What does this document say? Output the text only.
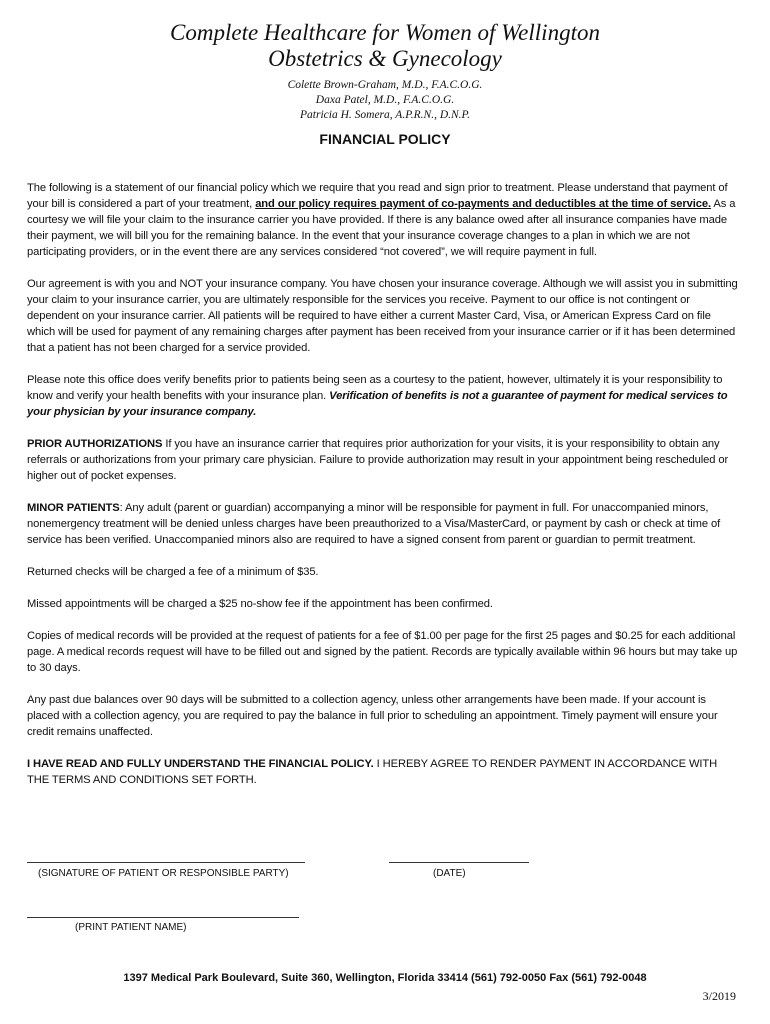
Complete Healthcare for Women of Wellington
Obstetrics & Gynecology
Colette Brown-Graham, M.D., F.A.C.O.G.
Daxa Patel, M.D., F.A.C.O.G.
Patricia H. Somera, A.P.R.N., D.N.P.
FINANCIAL POLICY

The following is a statement of our financial policy which we require that you read and sign prior to treatment. Please understand that payment of your bill is considered a part of your treatment, and our policy requires payment of co-payments and deductibles at the time of service. As a courtesy we will file your claim to the insurance carrier you have provided. If there is any balance owed after all insurance companies have made their payment, we will bill you for the remaining balance. In the event that your insurance coverage changes to a plan in which we are not participating providers, or in the event there are any services considered “not covered”, we will require payment in full.

Our agreement is with you and NOT your insurance company. You have chosen your insurance coverage. Although we will assist you in submitting your claim to your insurance carrier, you are ultimately responsible for the services you receive. Payment to our office is not contingent or dependent on your insurance carrier. All patients will be required to have either a current Master Card, Visa, or American Express Card on file which will be used for payment of any remaining charges after payment has been received from your insurance carrier or if it has been determined that a patient has not been charged for a service provided.

Please note this office does verify benefits prior to patients being seen as a courtesy to the patient, however, ultimately it is your responsibility to know and verify your health benefits with your insurance plan. Verification of benefits is not a guarantee of payment for medical services to your physician by your insurance company.

PRIOR AUTHORIZATIONS If you have an insurance carrier that requires prior authorization for your visits, it is your responsibility to obtain any referrals or authorizations from your primary care physician. Failure to provide authorization may result in your appointment being rescheduled or higher out of pocket expenses.

MINOR PATIENTS: Any adult (parent or guardian) accompanying a minor will be responsible for payment in full. For unaccompanied minors, nonemergency treatment will be denied unless charges have been preauthorized to a Visa/MasterCard, or payment by cash or check at time of service has been verified. Unaccompanied minors also are required to have a signed consent from parent or guardian to permit treatment.

Returned checks will be charged a fee of a minimum of $35.

Missed appointments will be charged a $25 no-show fee if the appointment has been confirmed.

Copies of medical records will be provided at the request of patients for a fee of $1.00 per page for the first 25 pages and $0.25 for each additional page. A medical records request will have to be filled out and signed by the patient. Records are typically available within 96 hours but may take up to 30 days.

Any past due balances over 90 days will be submitted to a collection agency, unless other arrangements have been made. If your account is placed with a collection agency, you are required to pay the balance in full prior to scheduling an appointment. Timely payment will ensure your credit remains unaffected.

I HAVE READ AND FULLY UNDERSTAND THE FINANCIAL POLICY. I HEREBY AGREE TO RENDER PAYMENT IN ACCORDANCE WITH THE TERMS AND CONDITIONS SET FORTH.

(SIGNATURE OF PATIENT OR RESPONSIBLE PARTY)	(DATE)
(PRINT PATIENT NAME)
1397 Medical Park Boulevard, Suite 360, Wellington, Florida 33414 (561) 792-0050 Fax (561) 792-0048
3/2019
